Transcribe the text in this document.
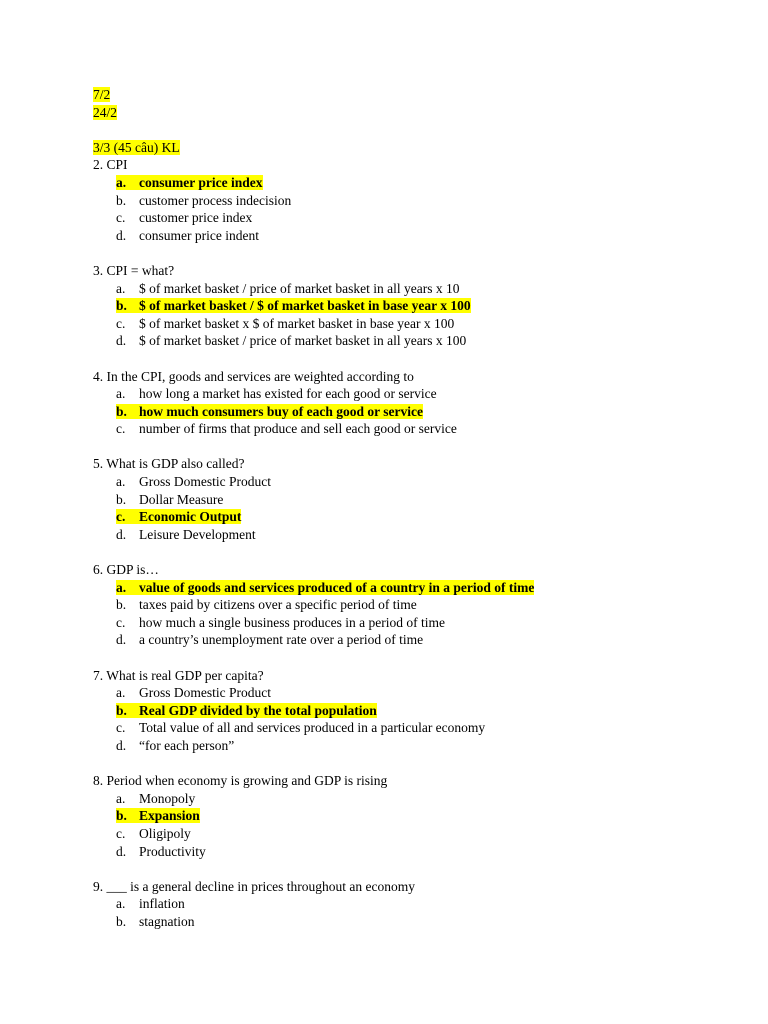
7/2
24/2
3/3 (45 câu) KL
2. CPI
a. consumer price index
b. customer process indecision
c. customer price index
d. consumer price indent
3. CPI = what?
a. $ of market basket / price of market basket in all years x 10
b. $ of market basket / $ of market basket in base year x 100
c. $ of market basket x $ of market basket in base year x 100
d. $ of market basket / price of market basket in all years x 100
4. In the CPI, goods and services are weighted according to
a. how long a market has existed for each good or service
b. how much consumers buy of each good or service
c. number of firms that produce and sell each good or service
5. What is GDP also called?
a. Gross Domestic Product
b. Dollar Measure
c. Economic Output
d. Leisure Development
6. GDP is…
a. value of goods and services produced of a country in a period of time
b. taxes paid by citizens over a specific period of time
c. how much a single business produces in a period of time
d. a country’s unemployment rate over a period of time
7. What is real GDP per capita?
a. Gross Domestic Product
b. Real GDP divided by the total population
c. Total value of all and services produced in a particular economy
d. “for each person”
8. Period when economy is growing and GDP is rising
a. Monopoly
b. Expansion
c. Oligipoly
d. Productivity
9. ___ is a general decline in prices throughout an economy
a. inflation
b. stagnation
